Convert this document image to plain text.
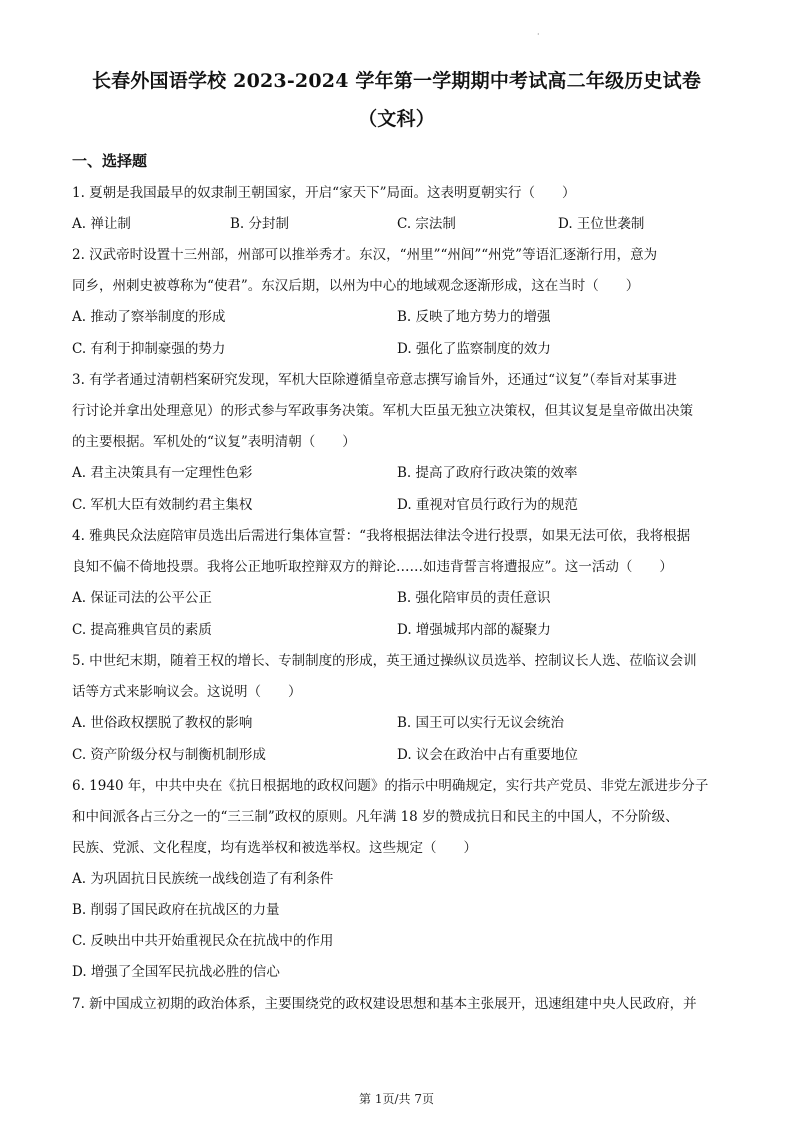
·
长春外国语学校 2023-2024 学年第一学期期中考试高二年级历史试卷
（文科）
一、选择题
1. 夏朝是我国最早的奴隶制王朝国家，开启“家天下”局面。这表明夏朝实行（　　）
A. 禅让制	B. 分封制	C. 宗法制	D. 王位世袭制
2. 汉武帝时设置十三州部，州部可以推举秀才。东汉，“州里”“州闾”“州党”等语汇逐渐行用，意为
同乡，州刺史被尊称为“使君”。东汉后期，以州为中心的地域观念逐渐形成，这在当时（　　）
A. 推动了察举制度的形成	B. 反映了地方势力的增强
C. 有利于抑制豪强的势力	D. 强化了监察制度的效力
3. 有学者通过清朝档案研究发现，军机大臣除遵循皇帝意志撰写谕旨外，还通过“议复”（奉旨对某事进
行讨论并拿出处理意见）的形式参与军政事务决策。军机大臣虽无独立决策权，但其议复是皇帝做出决策
的主要根据。军机处的“议复”表明清朝（　　）
A. 君主决策具有一定理性色彩	B. 提高了政府行政决策的效率
C. 军机大臣有效制约君主集权	D. 重视对官员行政行为的规范
4. 雅典民众法庭陪审员选出后需进行集体宣誓：“我将根据法律法令进行投票，如果无法可依，我将根据
良知不偏不倚地投票。我将公正地听取控辩双方的辩论……如违背誓言将遭报应”。这一活动（　　）
A. 保证司法的公平公正	B. 强化陪审员的责任意识
C. 提高雅典官员的素质	D. 增强城邦内部的凝聚力
5. 中世纪末期，随着王权的增长、专制制度的形成，英王通过操纵议员选举、控制议长人选、莅临议会训
话等方式来影响议会。这说明（　　）
A. 世俗政权摆脱了教权的影响	B. 国王可以实行无议会统治
C. 资产阶级分权与制衡机制形成	D. 议会在政治中占有重要地位
6. 1940 年，中共中央在《抗日根据地的政权问题》的指示中明确规定，实行共产党员、非党左派进步分子
和中间派各占三分之一的“三三制”政权的原则。凡年满 18 岁的赞成抗日和民主的中国人，不分阶级、
民族、党派、文化程度，均有选举权和被选举权。这些规定（　　）
A. 为巩固抗日民族统一战线创造了有利条件
B. 削弱了国民政府在抗战区的力量
C. 反映出中共开始重视民众在抗战中的作用
D. 增强了全国军民抗战必胜的信心
7. 新中国成立初期的政治体系，主要围绕党的政权建设思想和基本主张展开，迅速组建中央人民政府，并
第 1页/共 7页
